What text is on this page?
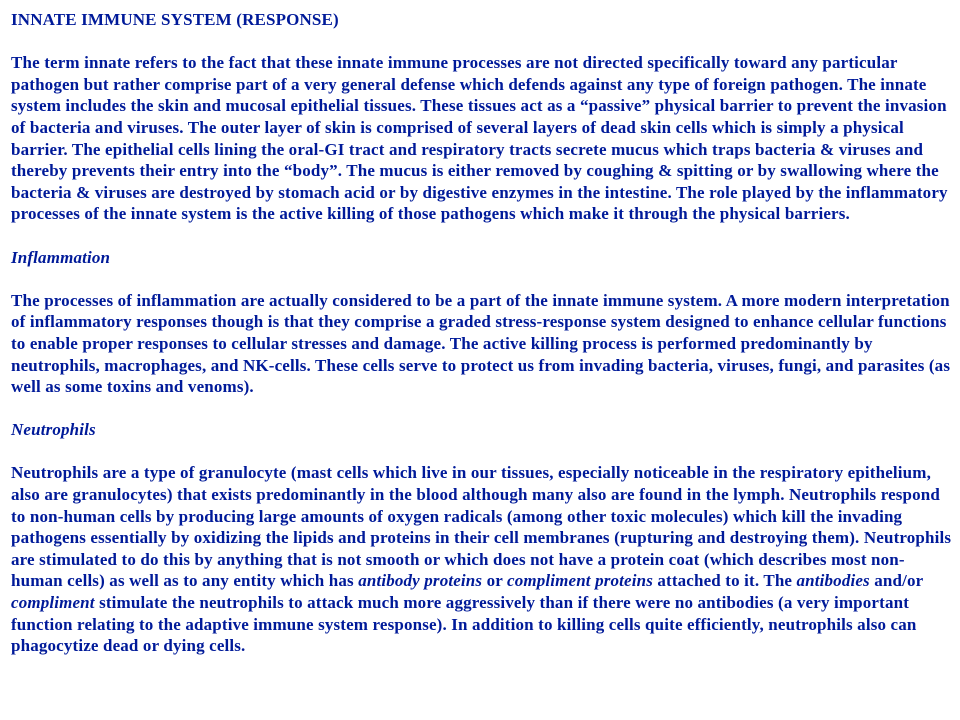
INNATE IMMUNE SYSTEM (RESPONSE)

The term innate refers to the fact that these innate immune processes are not directed specifically toward any particular pathogen but rather comprise part of a very general defense which defends against any type of foreign pathogen. The innate system includes the skin and mucosal epithelial tissues. These tissues act as a “passive” physical barrier to prevent the invasion of bacteria and viruses. The outer layer of skin is comprised of several layers of dead skin cells which is simply a physical barrier. The epithelial cells lining the oral-GI tract and respiratory tracts secrete mucus which traps bacteria & viruses and thereby prevents their entry into the “body”. The mucus is either removed by coughing & spitting or by swallowing where the bacteria & viruses are destroyed by stomach acid or by digestive enzymes in the intestine. The role played by the inflammatory processes of the innate system is the active killing of those pathogens which make it through the physical barriers.

Inflammation

The processes of inflammation are actually considered to be a part of the innate immune system. A more modern interpretation of inflammatory responses though is that they comprise a graded stress-response system designed to enhance cellular functions to enable proper responses to cellular stresses and damage. The active killing process is performed predominantly by neutrophils, macrophages, and NK-cells. These cells serve to protect us from invading bacteria, viruses, fungi, and parasites (as well as some toxins and venoms).

Neutrophils

Neutrophils are a type of granulocyte (mast cells which live in our tissues, especially noticeable in the respiratory epithelium, also are granulocytes) that exists predominantly in the blood although many also are found in the lymph. Neutrophils respond to non-human cells by producing large amounts of oxygen radicals (among other toxic molecules) which kill the invading pathogens essentially by oxidizing the lipids and proteins in their cell membranes (rupturing and destroying them). Neutrophils are stimulated to do this by anything that is not smooth or which does not have a protein coat (which describes most non-human cells) as well as to any entity which has antibody proteins or compliment proteins attached to it. The antibodies and/or compliment stimulate the neutrophils to attack much more aggressively than if there were no antibodies (a very important function relating to the adaptive immune system response). In addition to killing cells quite efficiently, neutrophils also can phagocytize dead or dying cells.
